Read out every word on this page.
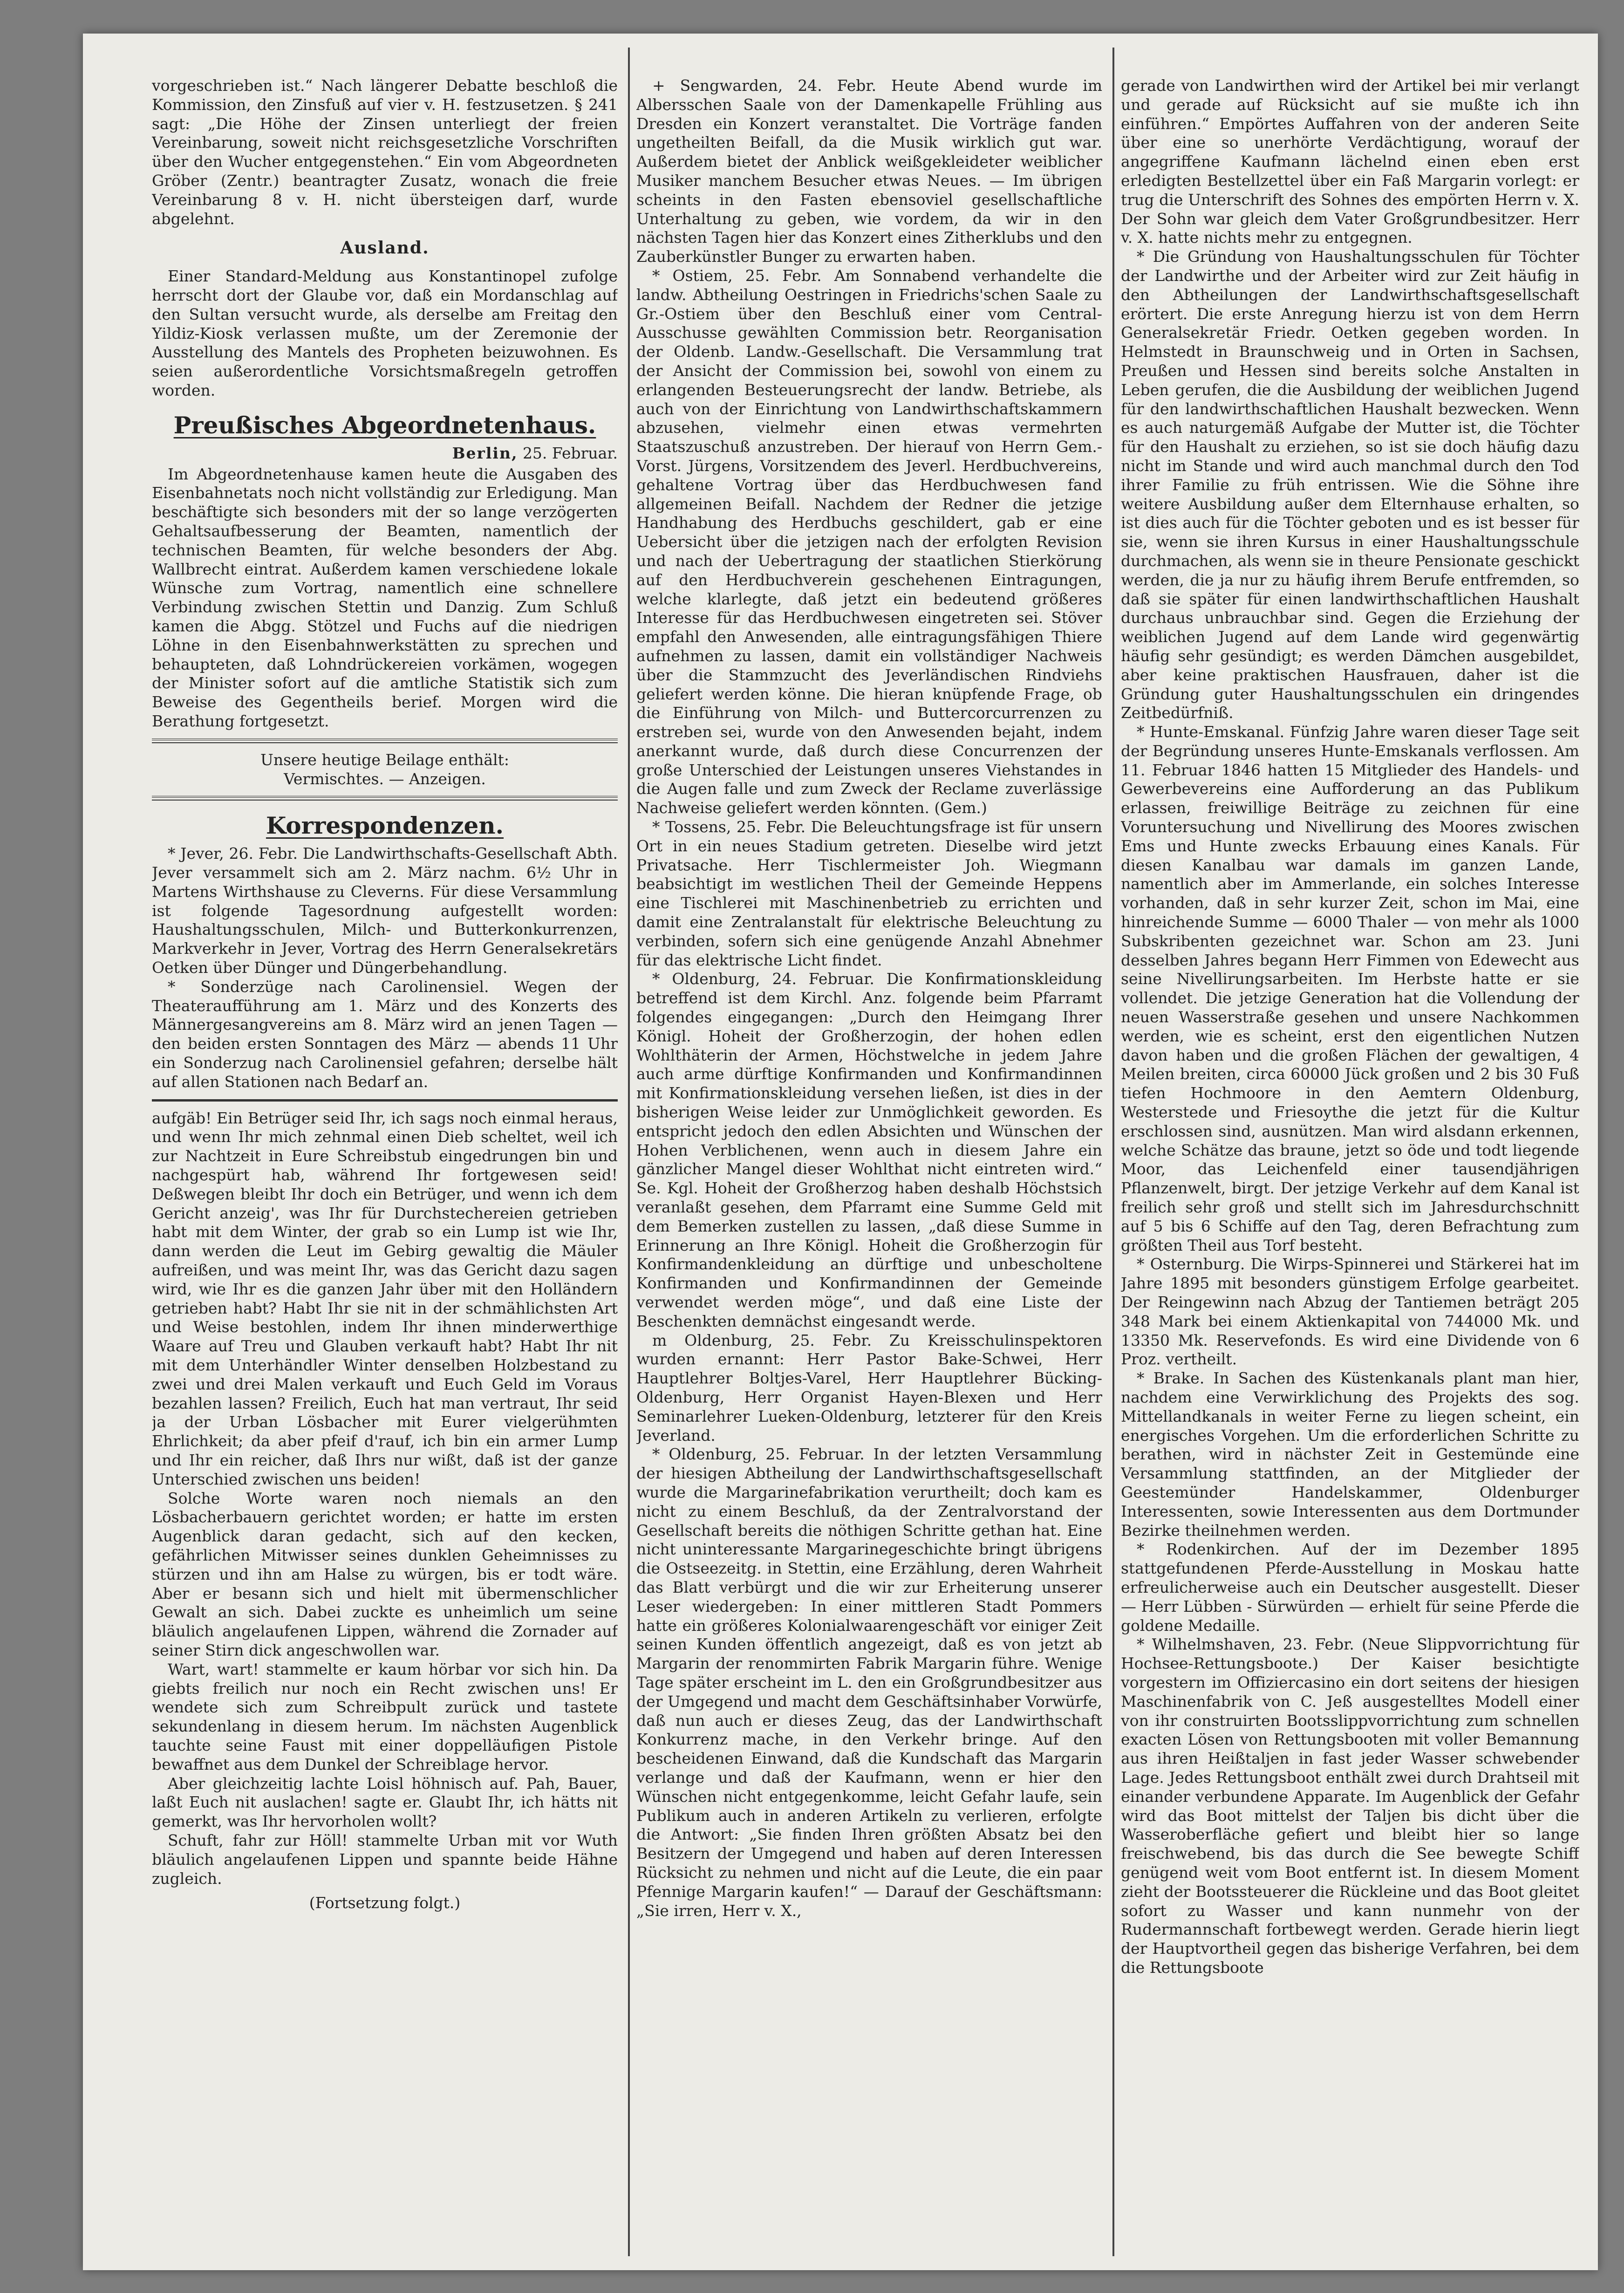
vorgeschrieben ist.“ Nach längerer Debatte beschloß die Kommission, den Zinsfuß auf vier v. H. festzusetzen. § 241 sagt: „Die Höhe der Zinsen unterliegt der freien Vereinbarung, soweit nicht reichsgesetzliche Vorschriften über den Wucher entgegenstehen.“ Ein vom Abgeordneten Gröber (Zentr.) beantragter Zusatz, wonach die freie Vereinbarung 8 v. H. nicht übersteigen darf, wurde abgelehnt.

Ausland.

Einer Standard-Meldung aus Konstantinopel zufolge herrscht dort der Glaube vor, daß ein Mordanschlag auf den Sultan versucht wurde, als derselbe am Freitag den Yildiz-Kiosk verlassen mußte, um der Zeremonie der Ausstellung des Mantels des Propheten beizuwohnen. Es seien außerordentliche Vorsichtsmaßregeln getroffen worden.

Preußisches Abgeordnetenhaus.
Berlin, 25. Februar.

Im Abgeordnetenhause kamen heute die Ausgaben des Eisenbahnetats noch nicht vollständig zur Erledigung. Man beschäftigte sich besonders mit der so lange verzögerten Gehaltsaufbesserung der Beamten, namentlich der technischen Beamten, für welche besonders der Abg. Wallbrecht eintrat. Außerdem kamen verschiedene lokale Wünsche zum Vortrag, namentlich eine schnellere Verbindung zwischen Stettin und Danzig. Zum Schluß kamen die Abgg. Stötzel und Fuchs auf die niedrigen Löhne in den Eisenbahnwerkstätten zu sprechen und behaupteten, daß Lohndrückereien vorkämen, wogegen der Minister sofort auf die amtliche Statistik sich zum Beweise des Gegentheils berief. Morgen wird die Berathung fortgesetzt.

Unsere heutige Beilage enthält:

Vermischtes. — Anzeigen.

Korrespondenzen.

* Jever, 26. Febr. Die Landwirthschafts-Gesellschaft Abth. Jever versammelt sich am 2. März nachm. 6½ Uhr in Martens Wirthshause zu Cleverns. Für diese Versammlung ist folgende Tagesordnung aufgestellt worden: Haushaltungsschulen, Milch- und Butterkonkurrenzen, Markverkehr in Jever, Vortrag des Herrn Generalsekretärs Oetken über Dünger und Düngerbehandlung.

* Sonderzüge nach Carolinensiel. Wegen der Theateraufführung am 1. März und des Konzerts des Männergesangvereins am 8. März wird an jenen Tagen — den beiden ersten Sonntagen des März — abends 11 Uhr ein Sonderzug nach Carolinensiel gefahren; derselbe hält auf allen Stationen nach Bedarf an.

aufgäb! Ein Betrüger seid Ihr, ich sags noch einmal heraus, und wenn Ihr mich zehnmal einen Dieb scheltet, weil ich zur Nachtzeit in Eure Schreibstub eingedrungen bin und nachgespürt hab, während Ihr fortgewesen seid! Deßwegen bleibt Ihr doch ein Betrüger, und wenn ich dem Gericht anzeig', was Ihr für Durchstechereien getrieben habt mit dem Winter, der grab so ein Lump ist wie Ihr, dann werden die Leut im Gebirg gewaltig die Mäuler aufreißen, und was meint Ihr, was das Gericht dazu sagen wird, wie Ihr es die ganzen Jahr über mit den Holländern getrieben habt? Habt Ihr sie nit in der schmählichsten Art und Weise bestohlen, indem Ihr ihnen minderwerthige Waare auf Treu und Glauben verkauft habt? Habt Ihr nit mit dem Unterhändler Winter denselben Holzbestand zu zwei und drei Malen verkauft und Euch Geld im Voraus bezahlen lassen? Freilich, Euch hat man vertraut, Ihr seid ja der Urban Lösbacher mit Eurer vielgerühmten Ehrlichkeit; da aber pfeif d'rauf, ich bin ein armer Lump und Ihr ein reicher, daß Ihrs nur wißt, daß ist der ganze Unterschied zwischen uns beiden!

Solche Worte waren noch niemals an den Lösbacherbauern gerichtet worden; er hatte im ersten Augenblick daran gedacht, sich auf den kecken, gefährlichen Mitwisser seines dunklen Geheimnisses zu stürzen und ihn am Halse zu würgen, bis er todt wäre. Aber er besann sich und hielt mit übermenschlicher Gewalt an sich. Dabei zuckte es unheimlich um seine bläulich angelaufenen Lippen, während die Zornader auf seiner Stirn dick angeschwollen war.

Wart, wart! stammelte er kaum hörbar vor sich hin. Da giebts freilich nur noch ein Recht zwischen uns! Er wendete sich zum Schreibpult zurück und tastete sekundenlang in diesem herum. Im nächsten Augenblick tauchte seine Faust mit einer doppelläufigen Pistole bewaffnet aus dem Dunkel der Schreiblage hervor.

Aber gleichzeitig lachte Loisl höhnisch auf. Pah, Bauer, laßt Euch nit auslachen! sagte er. Glaubt Ihr, ich hätts nit gemerkt, was Ihr hervorholen wollt?

Schuft, fahr zur Höll! stammelte Urban mit vor Wuth bläulich angelaufenen Lippen und spannte beide Hähne zugleich.

(Fortsetzung folgt.)

+ Sengwarden, 24. Febr. Heute Abend wurde im Albersschen Saale von der Damenkapelle Frühling aus Dresden ein Konzert veranstaltet. Die Vorträge fanden ungetheilten Beifall, da die Musik wirklich gut war. Außerdem bietet der Anblick weißgekleideter weiblicher Musiker manchem Besucher etwas Neues. — Im übrigen scheints in den Fasten ebensoviel gesellschaftliche Unterhaltung zu geben, wie vordem, da wir in den nächsten Tagen hier das Konzert eines Zitherklubs und den Zauberkünstler Bunger zu erwarten haben.

* Ostiem, 25. Febr. Am Sonnabend verhandelte die landw. Abtheilung Oestringen in Friedrichs'schen Saale zu Gr.-Ostiem über den Beschluß einer vom Central-Ausschusse gewählten Commission betr. Reorganisation der Oldenb. Landw.-Gesellschaft. Die Versammlung trat der Ansicht der Commission bei, sowohl von einem zu erlangenden Besteuerungsrecht der landw. Betriebe, als auch von der Einrichtung von Landwirthschaftskammern abzusehen, vielmehr einen etwas vermehrten Staatszuschuß anzustreben. Der hierauf von Herrn Gem.-Vorst. Jürgens, Vorsitzendem des Jeverl. Herdbuchvereins, gehaltene Vortrag über das Herdbuchwesen fand allgemeinen Beifall. Nachdem der Redner die jetzige Handhabung des Herdbuchs geschildert, gab er eine Uebersicht über die jetzigen nach der erfolgten Revision und nach der Uebertragung der staatlichen Stierkörung auf den Herdbuchverein geschehenen Eintragungen, welche klarlegte, daß jetzt ein bedeutend größeres Interesse für das Herdbuchwesen eingetreten sei. Stöver empfahl den Anwesenden, alle eintragungsfähigen Thiere aufnehmen zu lassen, damit ein vollständiger Nachweis über die Stammzucht des Jeverländischen Rindviehs geliefert werden könne. Die hieran knüpfende Frage, ob die Einführung von Milch- und Buttercorcurrenzen zu erstreben sei, wurde von den Anwesenden bejaht, indem anerkannt wurde, daß durch diese Concurrenzen der große Unterschied der Leistungen unseres Viehstandes in die Augen falle und zum Zweck der Reclame zuverlässige Nachweise geliefert werden könnten. (Gem.)

* Tossens, 25. Febr. Die Beleuchtungsfrage ist für unsern Ort in ein neues Stadium getreten. Dieselbe wird jetzt Privatsache. Herr Tischlermeister Joh. Wiegmann beabsichtigt im westlichen Theil der Gemeinde Heppens eine Tischlerei mit Maschinenbetrieb zu errichten und damit eine Zentralanstalt für elektrische Beleuchtung zu verbinden, sofern sich eine genügende Anzahl Abnehmer für das elektrische Licht findet.

* Oldenburg, 24. Februar. Die Konfirmationskleidung betreffend ist dem Kirchl. Anz. folgende beim Pfarramt folgendes eingegangen: „Durch den Heimgang Ihrer Königl. Hoheit der Großherzogin, der hohen edlen Wohlthäterin der Armen, Höchstwelche in jedem Jahre auch arme dürftige Konfirmanden und Konfirmandinnen mit Konfirmationskleidung versehen ließen, ist dies in der bisherigen Weise leider zur Unmöglichkeit geworden. Es entspricht jedoch den edlen Absichten und Wünschen der Hohen Verblichenen, wenn auch in diesem Jahre ein gänzlicher Mangel dieser Wohlthat nicht eintreten wird.“ Se. Kgl. Hoheit der Großherzog haben deshalb Höchstsich veranlaßt gesehen, dem Pfarramt eine Summe Geld mit dem Bemerken zustellen zu lassen, „daß diese Summe in Erinnerung an Ihre Königl. Hoheit die Großherzogin für Konfirmandenkleidung an dürftige und unbescholtene Konfirmanden und Konfirmandinnen der Gemeinde verwendet werden möge“, und daß eine Liste der Beschenkten demnächst eingesandt werde.

m Oldenburg, 25. Febr. Zu Kreisschulinspektoren wurden ernannt: Herr Pastor Bake-Schwei, Herr Hauptlehrer Boltjes-Varel, Herr Hauptlehrer Bücking-Oldenburg, Herr Organist Hayen-Blexen und Herr Seminarlehrer Lueken-Oldenburg, letzterer für den Kreis Jeverland.

* Oldenburg, 25. Februar. In der letzten Versammlung der hiesigen Abtheilung der Landwirthschaftsgesellschaft wurde die Margarinefabrikation verurtheilt; doch kam es nicht zu einem Beschluß, da der Zentralvorstand der Gesellschaft bereits die nöthigen Schritte gethan hat. Eine nicht uninteressante Margarinegeschichte bringt übrigens die Ostseezeitg. in Stettin, eine Erzählung, deren Wahrheit das Blatt verbürgt und die wir zur Erheiterung unserer Leser wiedergeben: In einer mittleren Stadt Pommers hatte ein größeres Kolonialwaarengeschäft vor einiger Zeit seinen Kunden öffentlich angezeigt, daß es von jetzt ab Margarin der renommirten Fabrik Margarin führe. Wenige Tage später erscheint im L. den ein Großgrundbesitzer aus der Umgegend und macht dem Geschäftsinhaber Vorwürfe, daß nun auch er dieses Zeug, das der Landwirthschaft Konkurrenz mache, in den Verkehr bringe. Auf den bescheidenen Einwand, daß die Kundschaft das Margarin verlange und daß der Kaufmann, wenn er hier den Wünschen nicht entgegenkomme, leicht Gefahr laufe, sein Publikum auch in anderen Artikeln zu verlieren, erfolgte die Antwort: „Sie finden Ihren größten Absatz bei den Besitzern der Umgegend und haben auf deren Interessen Rücksicht zu nehmen und nicht auf die Leute, die ein paar Pfennige Margarin kaufen!“ — Darauf der Geschäftsmann: „Sie irren, Herr v. X.,

gerade von Landwirthen wird der Artikel bei mir verlangt und gerade auf Rücksicht auf sie mußte ich ihn einführen.“ Empörtes Auffahren von der anderen Seite über eine so unerhörte Verdächtigung, worauf der angegriffene Kaufmann lächelnd einen eben erst erledigten Bestellzettel über ein Faß Margarin vorlegt: er trug die Unterschrift des Sohnes des empörten Herrn v. X. Der Sohn war gleich dem Vater Großgrundbesitzer. Herr v. X. hatte nichts mehr zu entgegnen.

* Die Gründung von Haushaltungsschulen für Töchter der Landwirthe und der Arbeiter wird zur Zeit häufig in den Abtheilungen der Landwirthschaftsgesellschaft erörtert. Die erste Anregung hierzu ist von dem Herrn Generalsekretär Friedr. Oetken gegeben worden. In Helmstedt in Braunschweig und in Orten in Sachsen, Preußen und Hessen sind bereits solche Anstalten in Leben gerufen, die die Ausbildung der weiblichen Jugend für den landwirthschaftlichen Haushalt bezwecken. Wenn es auch naturgemäß Aufgabe der Mutter ist, die Töchter für den Haushalt zu erziehen, so ist sie doch häufig dazu nicht im Stande und wird auch manchmal durch den Tod ihrer Familie zu früh entrissen. Wie die Söhne ihre weitere Ausbildung außer dem Elternhause erhalten, so ist dies auch für die Töchter geboten und es ist besser für sie, wenn sie ihren Kursus in einer Haushaltungsschule durchmachen, als wenn sie in theure Pensionate geschickt werden, die ja nur zu häufig ihrem Berufe entfremden, so daß sie später für einen landwirthschaftlichen Haushalt durchaus unbrauchbar sind. Gegen die Erziehung der weiblichen Jugend auf dem Lande wird gegenwärtig häufig sehr gesündigt; es werden Dämchen ausgebildet, aber keine praktischen Hausfrauen, daher ist die Gründung guter Haushaltungsschulen ein dringendes Zeitbedürfniß.

* Hunte-Emskanal. Fünfzig Jahre waren dieser Tage seit der Begründung unseres Hunte-Emskanals verflossen. Am 11. Februar 1846 hatten 15 Mitglieder des Handels- und Gewerbevereins eine Aufforderung an das Publikum erlassen, freiwillige Beiträge zu zeichnen für eine Voruntersuchung und Nivellirung des Moores zwischen Ems und Hunte zwecks Erbauung eines Kanals. Für diesen Kanalbau war damals im ganzen Lande, namentlich aber im Ammerlande, ein solches Interesse vorhanden, daß in sehr kurzer Zeit, schon im Mai, eine hinreichende Summe — 6000 Thaler — von mehr als 1000 Subskribenten gezeichnet war. Schon am 23. Juni desselben Jahres begann Herr Fimmen von Edewecht aus seine Nivellirungsarbeiten. Im Herbste hatte er sie vollendet. Die jetzige Generation hat die Vollendung der neuen Wasserstraße gesehen und unsere Nachkommen werden, wie es scheint, erst den eigentlichen Nutzen davon haben und die großen Flächen der gewaltigen, 4 Meilen breiten, circa 60000 Jück großen und 2 bis 30 Fuß tiefen Hochmoore in den Aemtern Oldenburg, Westerstede und Friesoythe die jetzt für die Kultur erschlossen sind, ausnützen. Man wird alsdann erkennen, welche Schätze das braune, jetzt so öde und todt liegende Moor, das Leichenfeld einer tausendjährigen Pflanzenwelt, birgt. Der jetzige Verkehr auf dem Kanal ist freilich sehr groß und stellt sich im Jahresdurchschnitt auf 5 bis 6 Schiffe auf den Tag, deren Befrachtung zum größten Theil aus Torf besteht.

* Osternburg. Die Wirps-Spinnerei und Stärkerei hat im Jahre 1895 mit besonders günstigem Erfolge gearbeitet. Der Reingewinn nach Abzug der Tantiemen beträgt 205 348 Mark bei einem Aktienkapital von 744000 Mk. und 13350 Mk. Reservefonds. Es wird eine Dividende von 6 Proz. vertheilt.

* Brake. In Sachen des Küstenkanals plant man hier, nachdem eine Verwirklichung des Projekts des sog. Mittellandkanals in weiter Ferne zu liegen scheint, ein energisches Vorgehen. Um die erforderlichen Schritte zu berathen, wird in nächster Zeit in Gestemünde eine Versammlung stattfinden, an der Mitglieder der Geestemünder Handelskammer, Oldenburger Interessenten, sowie Interessenten aus dem Dortmunder Bezirke theilnehmen werden.

* Rodenkirchen. Auf der im Dezember 1895 stattgefundenen Pferde-Ausstellung in Moskau hatte erfreulicherweise auch ein Deutscher ausgestellt. Dieser — Herr Lübben - Sürwürden — erhielt für seine Pferde die goldene Medaille.

* Wilhelmshaven, 23. Febr. (Neue Slippvorrichtung für Hochsee-Rettungsboote.) Der Kaiser besichtigte vorgestern im Offiziercasino ein dort seitens der hiesigen Maschinenfabrik von C. Jeß ausgestelltes Modell einer von ihr construirten Bootsslippvorrichtung zum schnellen exacten Lösen von Rettungsbooten mit voller Bemannung aus ihren Heißtaljen in fast jeder Wasser schwebender Lage. Jedes Rettungsboot enthält zwei durch Drahtseil mit einander verbundene Apparate. Im Augenblick der Gefahr wird das Boot mittelst der Taljen bis dicht über die Wasseroberfläche gefiert und bleibt hier so lange freischwebend, bis das durch die See bewegte Schiff genügend weit vom Boot entfernt ist. In diesem Moment zieht der Bootssteuerer die Rückleine und das Boot gleitet sofort zu Wasser und kann nunmehr von der Rudermannschaft fortbewegt werden. Gerade hierin liegt der Hauptvortheil gegen das bisherige Verfahren, bei dem die Rettungsboote
